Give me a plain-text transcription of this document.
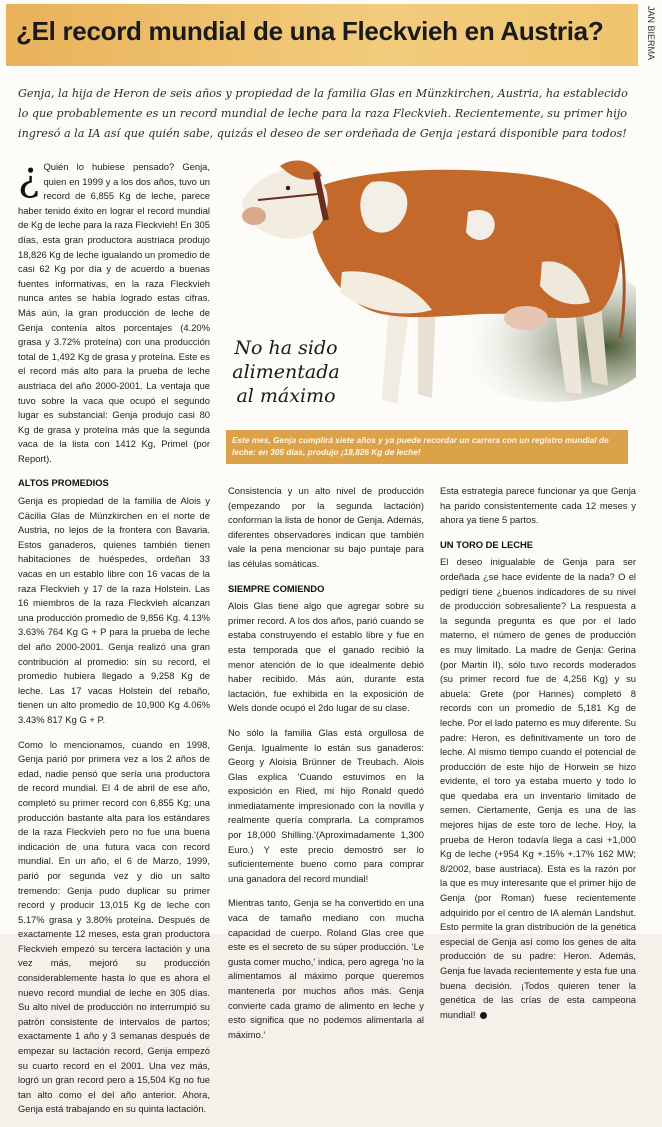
¿El record mundial de una Fleckvieh en Austria?	JAN BIERMA
Genja, la hija de Heron de seis años y propiedad de la familia Glas en Münzkirchen, Austria, ha establecido lo que probablemente es un record mundial de leche para la raza Fleckvieh. Recientemente, su primer hijo ingresó a la IA así que quién sabe, quizás el deseo de ser ordeñada de Genja ¡estará disponible para todos!
No ha sido alimentada al máximo
Este mes, Genja cumplirá siete años y ya puede recordar un carrera con un registro mundial de leche: en 305 días, produjo ¡18,826 Kg de leche!

¿ Quién lo hubiese pensado? Genja, quien en 1999 y a los dos años, tuvo un record de 6,855 Kg de leche, parece haber tenido éxito en lograr el record mundial de Kg de leche para la raza Fleckvieh! En 305 días, esta gran productora austriaca produjo 18,826 Kg de leche igualando un promedio de casi 62 Kg por día y de acuerdo a buenas fuentes informativas, en la raza Fleckvieh nunca antes se había logrado estas cifras. Más aún, la gran producción de leche de Genja contenía altos porcentajes (4.20% grasa y 3.72% proteína) con una producción total de 1,492 Kg de grasa y proteína. Este es el record más alto para la prueba de leche austriaca del año 2000-2001. La ventaja que tuvo sobre la vaca que ocupó el segundo lugar es substancial: Genja produjo casi 80 Kg de grasa y proteína más que la segunda vaca de la lista con 1412 Kg, Primel (por Report).

ALTOS PROMEDIOS

Genja es propiedad de la familia de Alois y Cäcilia Glas de Münzkirchen en el norte de Austria, no lejos de la frontera con Bavaria. Estos ganaderos, quienes también tienen habitaciones de huéspedes, ordeñan 33 vacas en un establo libre con 16 vacas de la raza Fleckvieh y 17 de la raza Holstein. Las 16 miembros de la raza Fleckvieh alcanzan una producción promedio de 9,856 Kg. 4.13% 3.63% 764 Kg G + P para la prueba de leche del año 2000-2001. Genja realizó una gran contribución al promedio: sin su record, el promedio hubiera llegado a 9,258 Kg de leche. Las 17 vacas Holstein del rebaño, tienen un alto promedio de 10,900 Kg 4.06% 3.43% 817 Kg G + P.

Como lo mencionamos, cuando en 1998, Genja parió por primera vez a los 2 años de edad, nadie pensó que sería una productora de record mundial. El 4 de abril de ese año, completó su primer record con 6,855 Kg; una producción bastante alta para los estándares de la raza Fleckvieh pero no fue una buena indicación de una futura vaca con record mundial. En un año, el 6 de Marzo, 1999, parió por segunda vez y dio un salto tremendo: Genja pudo duplicar su primer record y producir 13,015 Kg de leche con 5.17% grasa y 3.80% proteína. Después de exactamente 12 meses, esta gran productora Fleckvieh empezó su tercera lactación y una vez más, mejoró su producción considerablemente hasta lo que es ahora el nuevo record mundial de leche en 305 días. Su alto nivel de producción no interrumpió su patrón consistente de intervalos de partos; exactamente 1 año y 3 semanas después de empezar su lactación record, Genja empezó su cuarto record en el 2001. Una vez más, logró un gran record pero a 15,504 Kg no fue tan alto como el del año anterior. Ahora, Genja está trabajando en su quinta lactación.

Consistencia y un alto nivel de producción (empezando por la segunda lactación) conforman la lista de honor de Genja. Además, diferentes observadores indican que también vale la pena mencionar su bajo puntaje para las células somáticas.

SIEMPRE COMIENDO

Alois Glas tiene algo que agregar sobre su primer record. A los dos años, parió cuando se estaba construyendo el establo libre y fue en esta temporada que el ganado recibió la menor atención de lo que idealmente debió haber recibido. Más aún, durante esta lactación, fue exhibida en la exposición de Wels donde ocupó el 2do lugar de su clase.

No sólo la familia Glas está orgullosa de Genja. Igualmente lo están sus ganaderos: Georg y Aloisia Brünner de Treubach. Alois Glas explica 'Cuando estuvimos en la exposición en Ried, mi hijo Ronald quedó inmediatamente impresionado con la novilla y realmente quería comprarla. La compramos por 18,000 Shilling.'(Aproximadamente 1,300 Euro.) Y este precio demostró ser lo suficientemente bueno como para comprar una ganadora del record mundial!

Mientras tanto, Genja se ha convertido en una vaca de tamaño mediano con mucha capacidad de cuerpo. Roland Glas cree que este es el secreto de su súper producción. 'Le gusta comer mucho,' indica, pero agrega 'no la alimentamos al máximo porque queremos mantenerla por muchos años más. Genja convierte cada gramo de alimento en leche y esto significa que no podemos alimentarla al máximo.'

Esta estrategia parece funcionar ya que Genja ha parido consistentemente cada 12 meses y ahora ya tiene 5 partos.

UN TORO DE LECHE

El deseo inigualable de Genja para ser ordeñada ¿se hace evidente de la nada? O el pedigrí tiene ¿buenos indicadores de su nivel de producción sobresaliente? La respuesta a la segunda pregunta es que por el lado materno, el número de genes de producción es muy limitado. La madre de Genja: Gerina (por Martin II), sólo tuvo records moderados (su primer record fue de 4,256 Kg) y su abuela: Grete (por Hannes) completó 8 records con un promedio de 5,181 Kg de leche. Por el lado paterno es muy diferente. Su padre: Heron, es definitivamente un toro de leche. Al mismo tiempo cuando el potencial de producción de este hijo de Horwein se hizo evidente, el toro ya estaba muerto y todo lo que quedaba era un inventario limitado de semen. Ciertamente, Genja es una de las mejores hijas de este toro de leche. Hoy, la prueba de Heron todavía llega a casi +1,000 Kg de leche (+954 Kg +.15% +.17% 162 MW; 8/2002, base austriaca). Esta es la razón por la que es muy interesante que el primer hijo de Genja (por Roman) fuese recientemente adquirido por el centro de IA alemán Landshut. Esto permite la gran distribución de la genética especial de Genja así como los genes de alta producción de su padre: Heron. Además, Genja fue lavada recientemente y esta fue una buena decisión. ¡Todos quieren tener la genética de las crías de esta campeona mundial!
